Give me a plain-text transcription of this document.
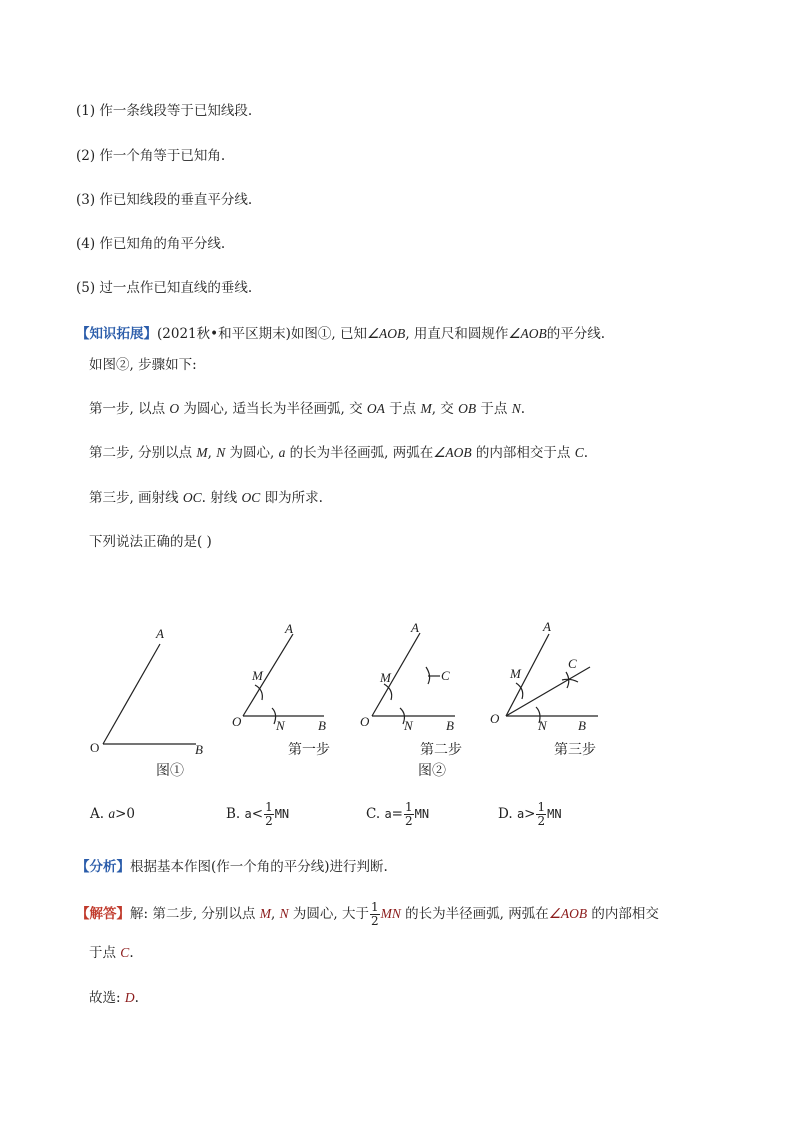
(1) 作一条线段等于已知线段.
(2) 作一个角等于已知角.
(3) 作已知线段的垂直平分线.
(4) 作已知角的角平分线.
(5) 过一点作已知直线的垂线.
【知识拓展】(2021秋•和平区期末)如图①, 已知∠AOB, 用直尺和圆规作∠AOB的平分线.
如图②, 步骤如下:
第一步, 以点 O 为圆心, 适当长为半径画弧, 交 OA 于点 M, 交 OB 于点 N.
第二步, 分别以点 M, N 为圆心, a 的长为半径画弧, 两弧在∠AOB 的内部相交于点 C.
第三步, 画射线 OC. 射线 OC 即为所求.
下列说法正确的是( )
A
O	B
图①
A
M
O	N	B
第一步
A
M	C
O	N	B
第二步
图②
A
M
C
O	N B
第三步
A. a>0	B. $a< \frac{1}{2}$ MN	C. $a= \frac{1}{2}$ MN	D. $a> \frac{1}{2}$ MN
【分析】根据基本作图(作一个角的平分线)进行判断.
【解答】解: 第二步, 分别以点 M, N 为圆心, 大于 $\frac{1}{2}$ MN 的长为半径画弧, 两弧在∠AOB 的内部相交
于点 C.
故选: D.
